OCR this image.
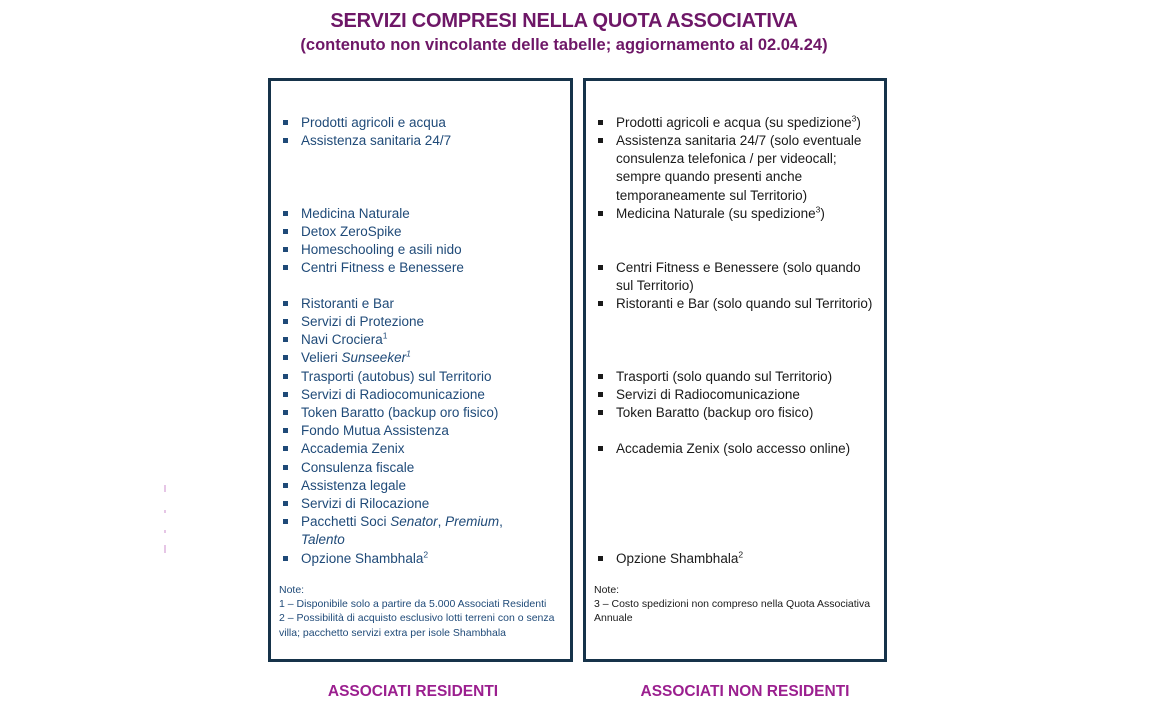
SERVIZI COMPRESI NELLA QUOTA ASSOCIATIVA
(contenuto non vincolante delle tabelle; aggiornamento al 02.04.24)
Prodotti agricoli e acqua
Assistenza sanitaria 24/7
Medicina Naturale
Detox ZeroSpike
Homeschooling e asili nido
Centri Fitness e Benessere
Ristoranti e Bar
Servizi di Protezione
Navi Crociera$^1$
Velieri Sunseeker$^1$
Trasporti (autobus) sul Territorio
Servizi di Radiocomunicazione
Token Baratto (backup oro fisico)
Fondo Mutua Assistenza
Accademia Zenix
Consulenza fiscale
Assistenza legale
Servizi di Rilocazione
Pacchetti Soci Senator, Premium,
Talento
Opzione Shambhala$^2$
Note:
1 – Disponibile solo a partire da 5.000 Associati Residenti
2 – Possibilità di acquisto esclusivo lotti terreni con o senza villa; pacchetto servizi extra per isole Shambhala
Prodotti agricoli e acqua (su spedizione$^3$)
Assistenza sanitaria 24/7 (solo eventuale consulenza telefonica / per videocall; sempre quando presenti anche temporaneamente sul Territorio)
Medicina Naturale (su spedizione$^3$)
Centri Fitness e Benessere (solo quando sul Territorio)
Ristoranti e Bar (solo quando sul Territorio)
Trasporti (solo quando sul Territorio)
Servizi di Radiocomunicazione
Token Baratto (backup oro fisico)
Accademia Zenix (solo accesso online)
Opzione Shambhala$^2$
Note:
3 – Costo spedizioni non compreso nella Quota Associativa Annuale
ASSOCIATI RESIDENTI	ASSOCIATI NON RESIDENTI
